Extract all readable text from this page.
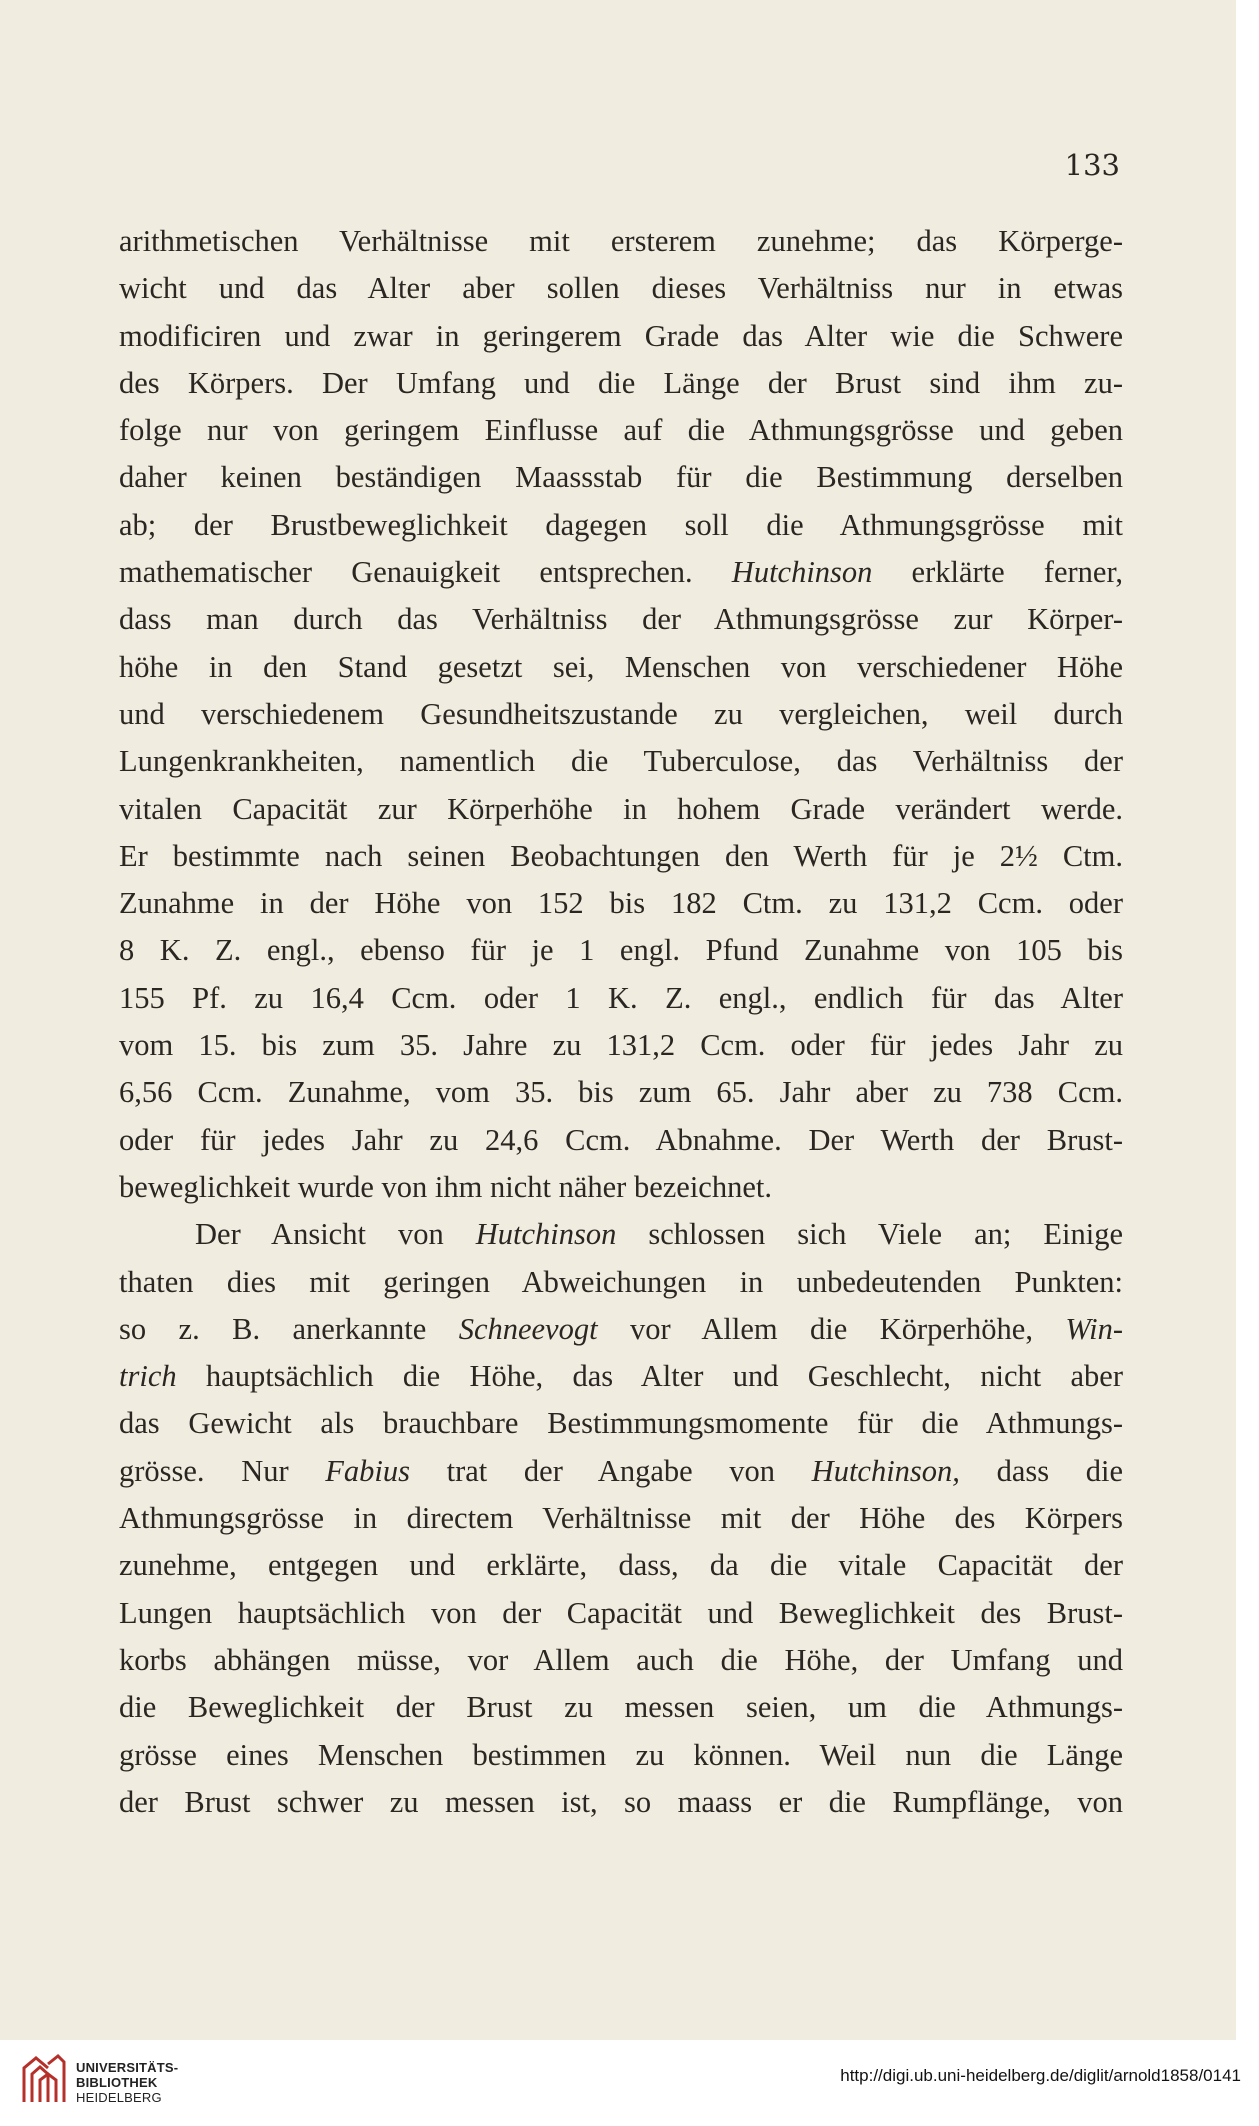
133
arithmetischen Verhältnisse mit ersterem zunehme; das Körperge-
wicht und das Alter aber sollen dieses Verhältniss nur in etwas
modificiren und zwar in geringerem Grade das Alter wie die Schwere
des Körpers. Der Umfang und die Länge der Brust sind ihm zu-
folge nur von geringem Einflusse auf die Athmungsgrösse und geben
daher keinen beständigen Maassstab für die Bestimmung derselben
ab; der Brustbeweglichkeit dagegen soll die Athmungsgrösse mit
mathematischer Genauigkeit entsprechen. Hutchinson erklärte ferner,
dass man durch das Verhältniss der Athmungsgrösse zur Körper-
höhe in den Stand gesetzt sei, Menschen von verschiedener Höhe
und verschiedenem Gesundheitszustande zu vergleichen, weil durch
Lungenkrankheiten, namentlich die Tuberculose, das Verhältniss der
vitalen Capacität zur Körperhöhe in hohem Grade verändert werde.
Er bestimmte nach seinen Beobachtungen den Werth für je 2½ Ctm.
Zunahme in der Höhe von 152 bis 182 Ctm. zu 131,2 Ccm. oder
8 K. Z. engl., ebenso für je 1 engl. Pfund Zunahme von 105 bis
155 Pf. zu 16,4 Ccm. oder 1 K. Z. engl., endlich für das Alter
vom 15. bis zum 35. Jahre zu 131,2 Ccm. oder für jedes Jahr zu
6,56 Ccm. Zunahme, vom 35. bis zum 65. Jahr aber zu 738 Ccm.
oder für jedes Jahr zu 24,6 Ccm. Abnahme. Der Werth der Brust-
beweglichkeit wurde von ihm nicht näher bezeichnet.
Der Ansicht von Hutchinson schlossen sich Viele an; Einige
thaten dies mit geringen Abweichungen in unbedeutenden Punkten:
so z. B. anerkannte Schneevogt vor Allem die Körperhöhe, Win-
trich hauptsächlich die Höhe, das Alter und Geschlecht, nicht aber
das Gewicht als brauchbare Bestimmungsmomente für die Athmungs-
grösse. Nur Fabius trat der Angabe von Hutchinson, dass die
Athmungsgrösse in directem Verhältnisse mit der Höhe des Körpers
zunehme, entgegen und erklärte, dass, da die vitale Capacität der
Lungen hauptsächlich von der Capacität und Beweglichkeit des Brust-
korbs abhängen müsse, vor Allem auch die Höhe, der Umfang und
die Beweglichkeit der Brust zu messen seien, um die Athmungs-
grösse eines Menschen bestimmen zu können. Weil nun die Länge
der Brust schwer zu messen ist, so maass er die Rumpflänge, von
UNIVERSITÄTS-
BIBLIOTHEK
HEIDELBERG
http://digi.ub.uni-heidelberg.de/diglit/arnold1858/0141
